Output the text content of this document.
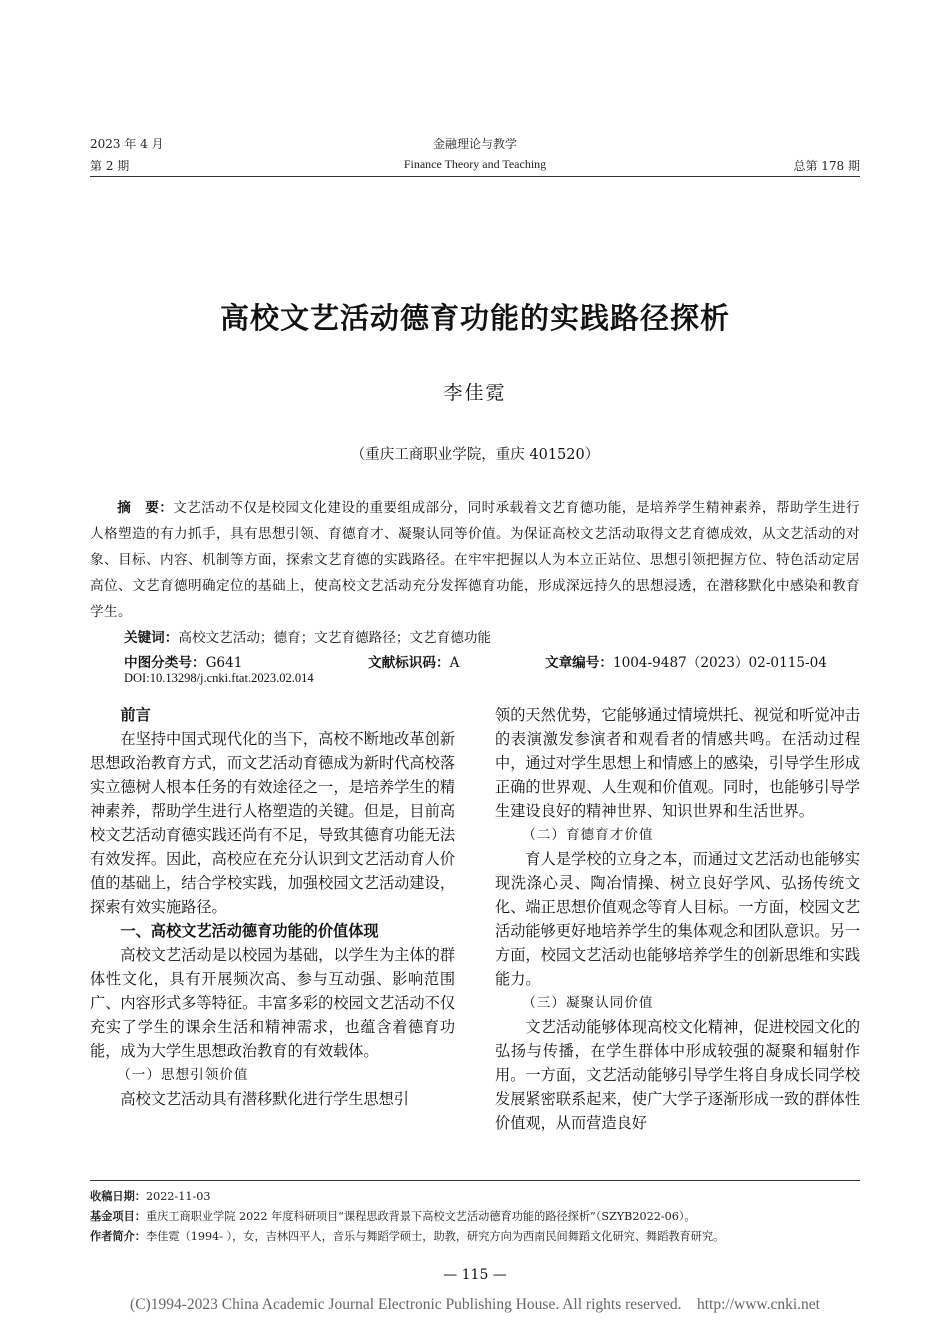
2023 年 4 月
第 2 期
金融理论与教学
Finance Theory and Teaching	总第 178 期
高校文艺活动德育功能的实践路径探析
李佳霓
（重庆工商职业学院，重庆 401520）

摘　要：文艺活动不仅是校园文化建设的重要组成部分，同时承载着文艺育德功能，是培养学生精神素养，帮助学生进行人格塑造的有力抓手，具有思想引领、育德育才、凝聚认同等价值。为保证高校文艺活动取得文艺育德成效，从文艺活动的对象、目标、内容、机制等方面，探索文艺育德的实践路径。在牢牢把握以人为本立正站位、思想引领把握方位、特色活动定居高位、文艺育德明确定位的基础上，使高校文艺活动充分发挥德育功能，形成深远持久的思想浸透，在潜移默化中感染和教育学生。

关键词：高校文艺活动；德育；文艺育德路径；文艺育德功能
中图分类号：G641	文献标识码：A	文章编号：1004-9487（2023）02-0115-04
DOI:10.13298/j.cnki.ftat.2023.02.014

前言

在坚持中国式现代化的当下，高校不断地改革创新思想政治教育方式，而文艺活动育德成为新时代高校落实立德树人根本任务的有效途径之一，是培养学生的精神素养，帮助学生进行人格塑造的关键。但是，目前高校文艺活动育德实践还尚有不足，导致其德育功能无法有效发挥。因此，高校应在充分认识到文艺活动育人价值的基础上，结合学校实践，加强校园文艺活动建设，探索有效实施路径。

一、高校文艺活动德育功能的价值体现

高校文艺活动是以校园为基础，以学生为主体的群体性文化，具有开展频次高、参与互动强、影响范围广、内容形式多等特征。丰富多彩的校园文艺活动不仅充实了学生的课余生活和精神需求，也蕴含着德育功能，成为大学生思想政治教育的有效载体。

（一）思想引领价值

高校文艺活动具有潜移默化进行学生思想引

领的天然优势，它能够通过情境烘托、视觉和听觉冲击的表演激发参演者和观看者的情感共鸣。在活动过程中，通过对学生思想上和情感上的感染，引导学生形成正确的世界观、人生观和价值观。同时，也能够引导学生建设良好的精神世界、知识世界和生活世界。

（二）育德育才价值

育人是学校的立身之本，而通过文艺活动也能够实现洗涤心灵、陶冶情操、树立良好学风、弘扬传统文化、端正思想价值观念等育人目标。一方面，校园文艺活动能够更好地培养学生的集体观念和团队意识。另一方面，校园文艺活动也能够培养学生的创新思维和实践能力。

（三）凝聚认同价值

文艺活动能够体现高校文化精神，促进校园文化的弘扬与传播，在学生群体中形成较强的凝聚和辐射作用。一方面，文艺活动能够引导学生将自身成长同学校发展紧密联系起来，使广大学子逐渐形成一致的群体性价值观，从而营造良好

收稿日期：2022-11-03
基金项目：重庆工商职业学院 2022 年度科研项目“课程思政背景下高校文艺活动德育功能的路径探析”（SZYB2022-06）。
作者简介：李佳霓（1994- ），女，吉林四平人，音乐与舞蹈学硕士，助教，研究方向为西南民间舞蹈文化研究、舞蹈教育研究。
— 115 —
(C)1994-2023 China Academic Journal Electronic Publishing House. All rights reserved.    http://www.cnki.net
